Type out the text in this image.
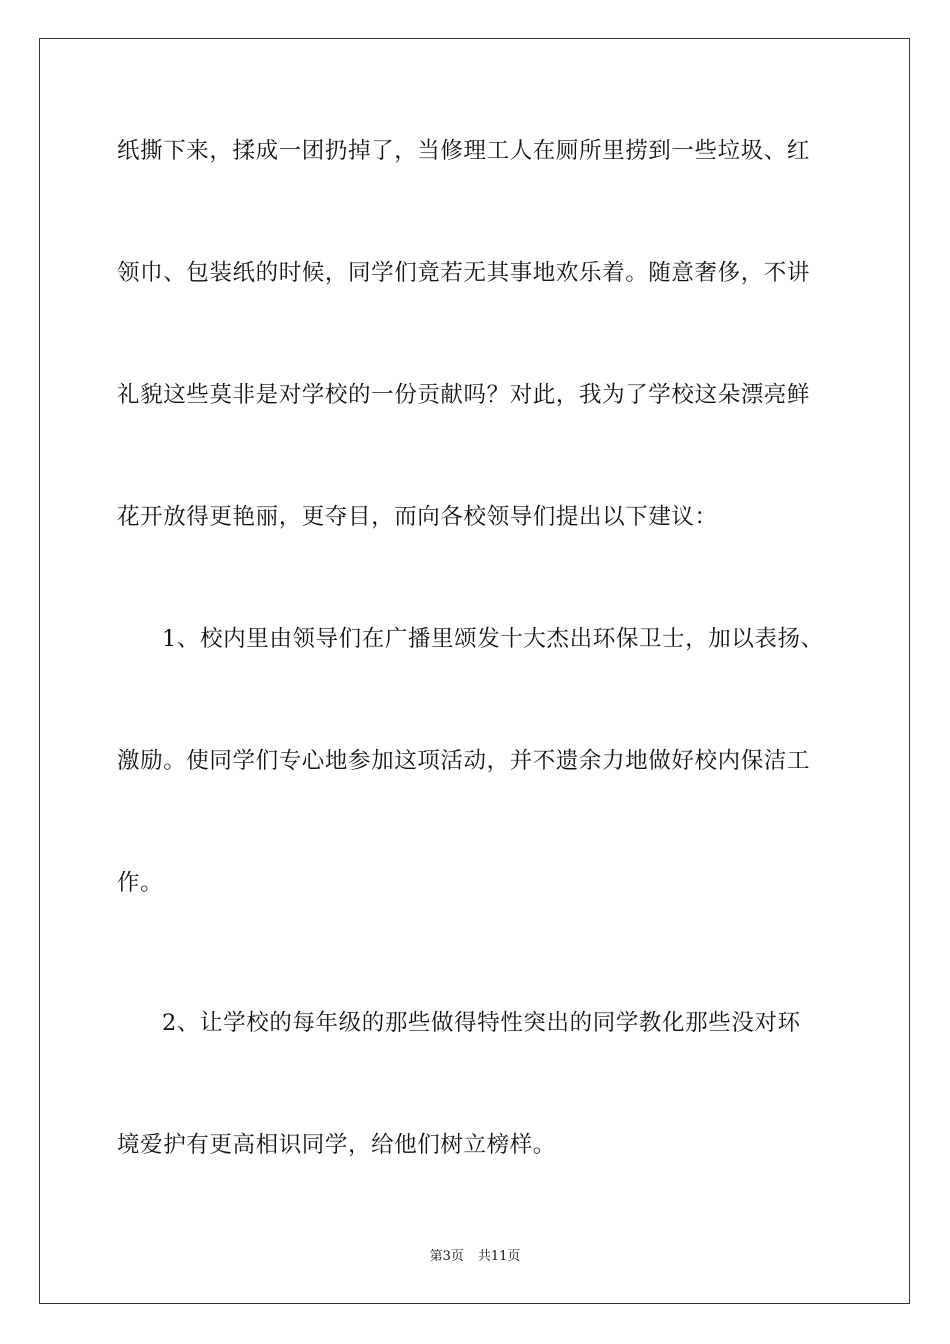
纸撕下来，揉成一团扔掉了，当修理工人在厕所里捞到一些垃圾、红
领巾、包装纸的时候，同学们竟若无其事地欢乐着。随意奢侈，不讲
礼貌这些莫非是对学校的一份贡献吗？对此，我为了学校这朵漂亮鲜
花开放得更艳丽，更夺目，而向各校领导们提出以下建议：
1、校内里由领导们在广播里颂发十大杰出环保卫士，加以表扬、
激励。使同学们专心地参加这项活动，并不遗余力地做好校内保洁工
作。
2、让学校的每年级的那些做得特性突出的同学教化那些没对环
境爱护有更高相识同学，给他们树立榜样。
第3页 共11页
